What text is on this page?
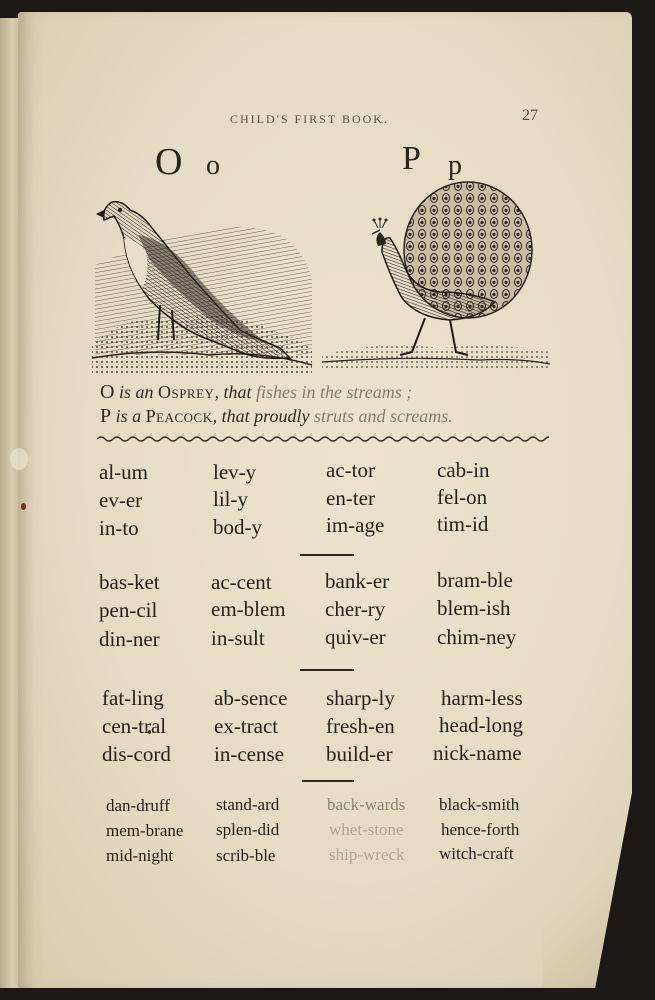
CHILD'S FIRST BOOK.	27
O o	P p
O is an Osprey, that fishes in the streams ;
P is a Peacock, that proudly struts and screams.
al-um	lev-y	ac-tor	cab-in
ev-er	lil-y	en-ter	fel-on
in-to	bod-y	im-age	tim-id
bas-ket ac-cent	bank-er bram-ble
pen-cil	em-blem cher-ry blem-ish
din-ner in-sult	quiv-er chim-ney
fat-ling ab-sence sharp-ly harm-less
cen-tral ex-tract fresh-en head-long
dis-cord in-cense build-er nick-name
dan-druff	stand-ard	back-wards black-smith
mem-brane splen-did	whet-stone hence-forth
mid-night	scrib-ble	ship-wreck witch-craft
